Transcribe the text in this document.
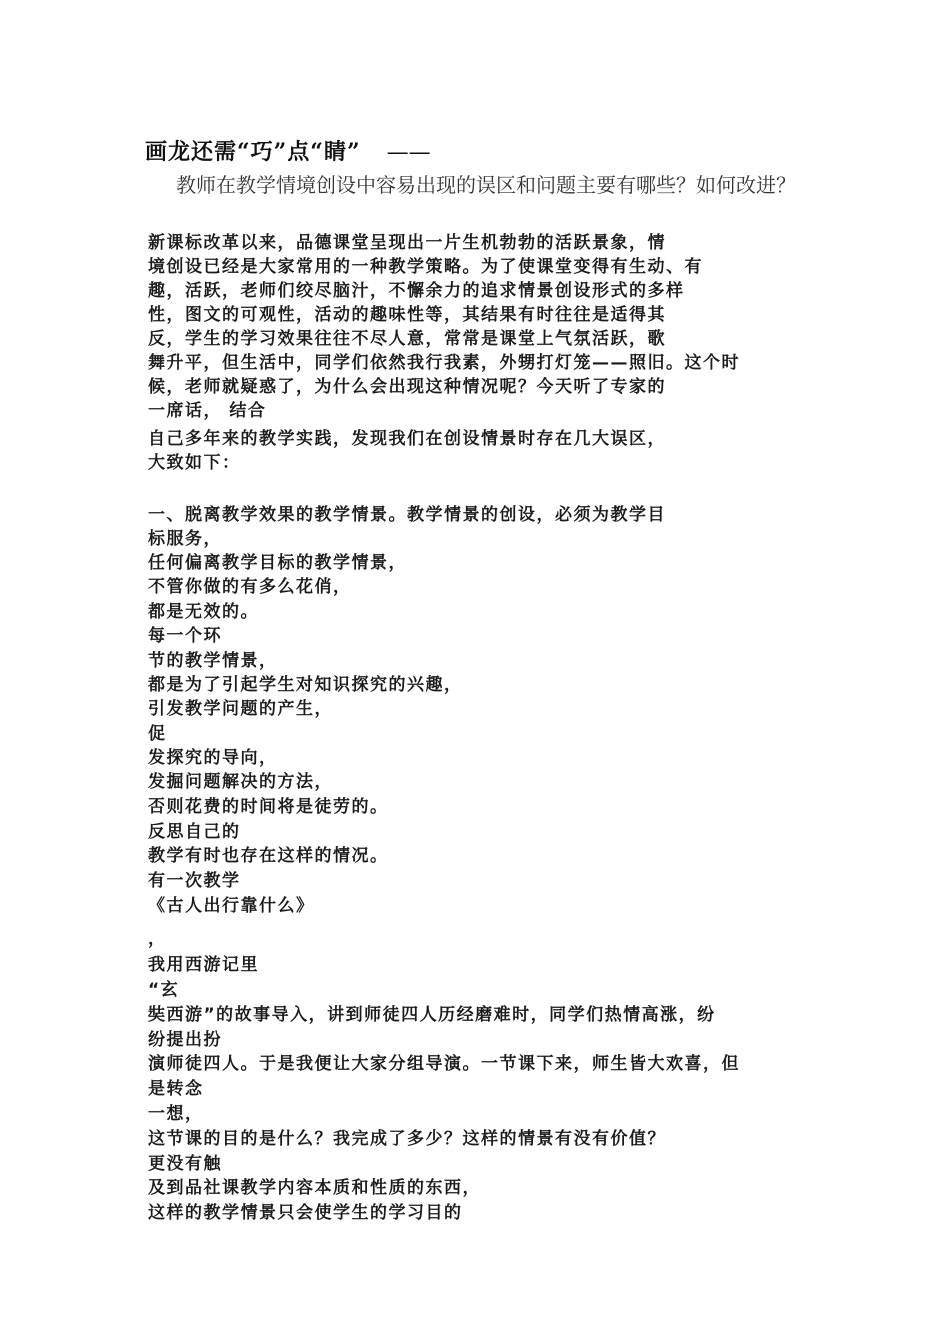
画龙还需“巧”点“睛” ——
教师在教学情境创设中容易出现的误区和问题主要有哪些？如何改进？
新课标改革以来，品德课堂呈现出一片生机勃勃的活跃景象，情
境创设已经是大家常用的一种教学策略。为了使课堂变得有生动、有
趣，活跃，老师们绞尽脑汁，不懈余力的追求情景创设形式的多样
性，图文的可观性，活动的趣味性等，其结果有时往往是适得其
反，学生的学习效果往往不尽人意，常常是课堂上气氛活跃，歌
舞升平，但生活中，同学们依然我行我素，外甥打灯笼——照旧。这个时
候，老师就疑惑了，为什么会出现这种情况呢？今天听了专家的
一席话， 结合
自己多年来的教学实践，发现我们在创设情景时存在几大误区，
大致如下：
一、脱离教学效果的教学情景。教学情景的创设，必须为教学目
标服务，
任何偏离教学目标的教学情景，
不管你做的有多么花俏，
都是无效的。
每一个环
节的教学情景，
都是为了引起学生对知识探究的兴趣，
引发教学问题的产生，
促
发探究的导向，
发掘问题解决的方法，
否则花费的时间将是徒劳的。
反思自己的
教学有时也存在这样的情况。
有一次教学
《古人出行靠什么》
，
我用西游记里
“玄
奘西游”的故事导入，讲到师徒四人历经磨难时，同学们热情高涨，纷
纷提出扮
演师徒四人。于是我便让大家分组导演。一节课下来，师生皆大欢喜，但
是转念
一想，
这节课的目的是什么？我完成了多少？这样的情景有没有价值？
更没有触
及到品社课教学内容本质和性质的东西，
这样的教学情景只会使学生的学习目的
